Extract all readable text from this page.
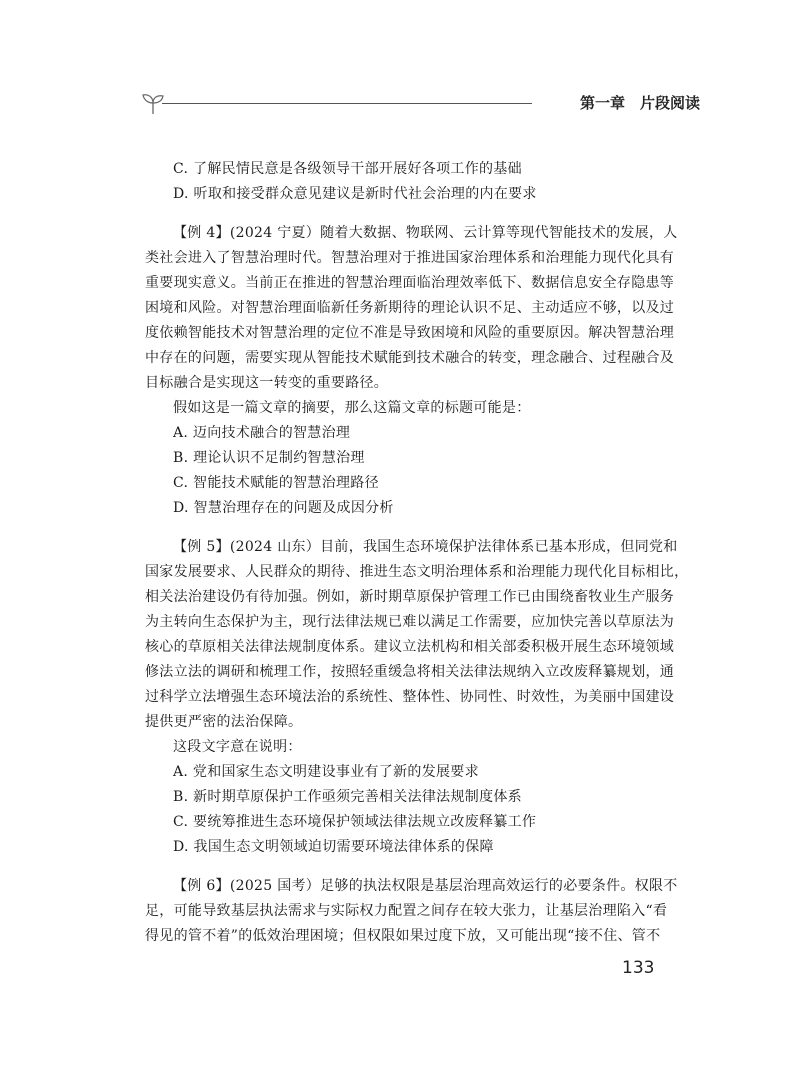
第一章　片段阅读
C. 了解民情民意是各级领导干部开展好各项工作的基础
D. 听取和接受群众意见建议是新时代社会治理的内在要求
【例 4】(2024 宁夏）随着大数据、物联网、云计算等现代智能技术的发展，人
类社会进入了智慧治理时代。智慧治理对于推进国家治理体系和治理能力现代化具有
重要现实意义。当前正在推进的智慧治理面临治理效率低下、数据信息安全存隐患等
困境和风险。对智慧治理面临新任务新期待的理论认识不足、主动适应不够，以及过
度依赖智能技术对智慧治理的定位不准是导致困境和风险的重要原因。解决智慧治理
中存在的问题，需要实现从智能技术赋能到技术融合的转变，理念融合、过程融合及
目标融合是实现这一转变的重要路径。
假如这是一篇文章的摘要，那么这篇文章的标题可能是：
A. 迈向技术融合的智慧治理
B. 理论认识不足制约智慧治理
C. 智能技术赋能的智慧治理路径
D. 智慧治理存在的问题及成因分析
【例 5】(2024 山东）目前，我国生态环境保护法律体系已基本形成，但同党和
国家发展要求、人民群众的期待、推进生态文明治理体系和治理能力现代化目标相比，
相关法治建设仍有待加强。例如，新时期草原保护管理工作已由围绕畜牧业生产服务
为主转向生态保护为主，现行法律法规已难以满足工作需要，应加快完善以草原法为
核心的草原相关法律法规制度体系。建议立法机构和相关部委积极开展生态环境领域
修法立法的调研和梳理工作，按照轻重缓急将相关法律法规纳入立改废释纂规划，通
过科学立法增强生态环境法治的系统性、整体性、协同性、时效性，为美丽中国建设
提供更严密的法治保障。
这段文字意在说明：
A. 党和国家生态文明建设事业有了新的发展要求
B. 新时期草原保护工作亟须完善相关法律法规制度体系
C. 要统筹推进生态环境保护领域法律法规立改废释纂工作
D. 我国生态文明领域迫切需要环境法律体系的保障
【例 6】(2025 国考）足够的执法权限是基层治理高效运行的必要条件。权限不
足，可能导致基层执法需求与实际权力配置之间存在较大张力，让基层治理陷入“看
得见的管不着”的低效治理困境；但权限如果过度下放，又可能出现“接不住、管不
133
